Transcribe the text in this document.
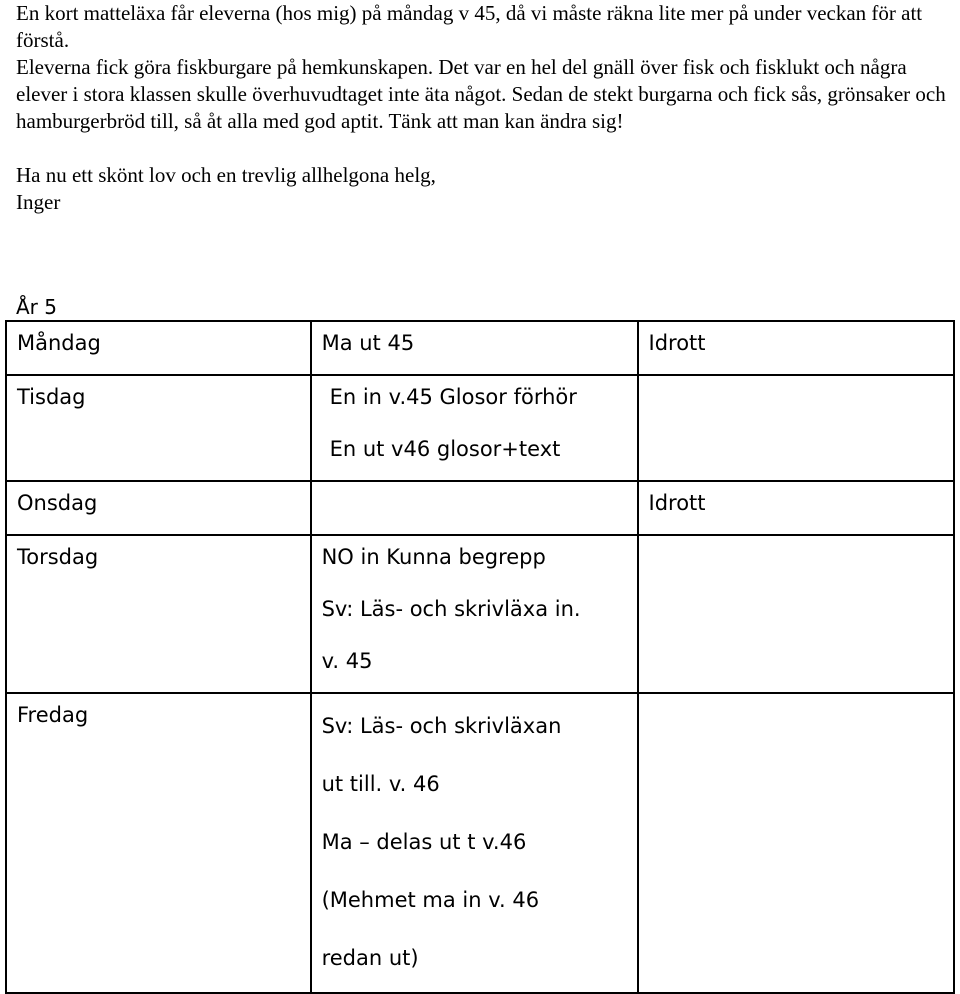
En kort matteläxa får eleverna (hos mig) på måndag v 45, då vi måste räkna lite mer på under veckan för att förstå.

Eleverna fick göra fiskburgare på hemkunskapen. Det var en hel del gnäll över fisk och fisklukt och några elever i stora klassen skulle överhuvudtaget inte äta något. Sedan de stekt burgarna och fick sås, grönsaker och hamburgerbröd till, så åt alla med god aptit. Tänk att man kan ändra sig!

Ha nu ett skönt lov och en trevlig allhelgona helg,

Inger

År 5
Måndag	Ma ut 45	Idrott

Tisdag	En in v.45 Glosor förhör
En ut v46 glosor+text	

Onsdag		Idrott

Torsdag	NO in Kunna begrepp
Sv: Läs- och skrivläxa in.
v. 45	

Fredag	Sv: Läs- och skrivläxan
ut till. v. 46
Ma – delas ut t v.46
(Mehmet ma in v. 46
redan ut)	
